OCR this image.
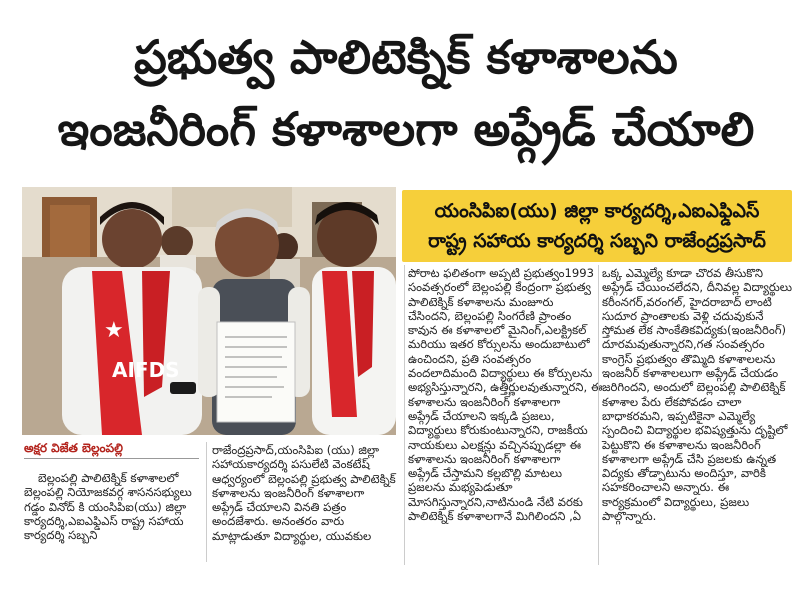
ప్రభుత్వ పాలిటెక్నిక్ కళాశాలను
ఇంజనీరింగ్ కళాశాలగా అప్గ్రేడ్ చేయాలి
★
AIFDS
యంసిపిఐ(యు) జిల్లా కార్యదర్శి,ఎఐఎఫ్డిఎస్
రాష్ట్ర సహాయ కార్యదర్శి సబ్బని రాజేంద్రప్రసాద్
అక్షర విజేత బెల్లంపల్లి
బెల్లంపల్లి పాలిటెక్నిక్ కళాశాలలో
బెల్లంపల్లి నియోజకవర్గ శాసనసభ్యులు
గడ్డం వినోద్ కి యంసిపిఐ(యు) జిల్లా
కార్యదర్శి,ఎఐఎఫ్డిఎస్ రాష్ట్ర సహాయ
కార్యదర్శి సబ్బని
రాజేంద్రప్రసాద్,యంసిపిఐ (యు) జిల్లా
సహాయకార్యదర్శి పసులేటి వెంకటేష్
ఆధ్వర్యంలో బెల్లంపల్లి ప్రభుత్వ పాలిటెక్నిక్
కళాశాలను ఇంజనీరింగ్ కళాశాలగా
అప్గ్రేడ్ చేయాలని వినతి పత్రం
అందజేశారు. అనంతరం వారు
మాట్లాడుతూ విద్యార్థుల, యువకుల
పోరాట ఫలితంగా అప్పటి ప్రభుత్వం1993
సంవత్సరంలో బెల్లంపల్లి కేంద్రంగా ప్రభుత్వ
పాలిటెక్నిక్ కళాశాలను మంజూరు
చేసిందని, బెల్లంపల్లి సింగరేణి ప్రాంతం
కావున ఈ కళాశాలలో మైనింగ్,ఎలక్ట్రికల్
మరియు ఇతర కోర్సులను అందుబాటులో
ఉంచిందని, ప్రతి సంవత్సరం
వందలాదిమంది విద్యార్థులు ఈ కోర్సులను
అభ్యసిస్తున్నారని, ఉత్తీర్ణులవుతున్నారని, ఈ
కళాశాలను ఇంజనీరింగ్ కళాశాలగా
అప్గ్రేడ్ చేయాలని ఇక్కడి ప్రజలు,
విద్యార్థులు కోరుకుంటున్నారని, రాజకీయ
నాయకులు ఎలక్షన్లు వచ్చినప్పుడల్లా ఈ
కళాశాలను ఇంజనీరింగ్ కళాశాలగా
అప్గ్రేడ్ చేస్తామని కల్లబొల్లి మాటలు
ప్రజలను మభ్యపెడుతూ
మోసగిస్తున్నారని,నాటినుండి నేటి వరకు
పాలిటెక్నిక్ కళాశాలగానే మిగిలిందని ,ఏ
ఒక్క ఎమ్మెల్యే కూడా చొరవ తీసుకొని
అప్గ్రేడ్ చేయించలేదని, దీనివల్ల విద్యార్థులు
కరీంనగర్,వరంగల్, హైదరాబాద్ లాంటి
సుదూర ప్రాంతాలకు వెళ్లి చదువుకునే
స్తోమత లేక సాంకేతికవిద్యకు(ఇంజనీరింగ్)
దూరమవుతున్నారని,గత సంవత్సరం
కాంగ్రెస్ ప్రభుత్వం తొమ్మిది కళాశాలలను
ఇంజనీర్ కళాశాలలుగా అప్గ్రేడ్ చేయడం
జరిగిందని, అందులో బెల్లంపల్లి పాలిటెక్నిక్
కళాశాల పేరు లేకపోవడం చాలా
బాధాకరమని, ఇప్పటికైనా ఎమ్మెల్యే
స్పందించి విద్యార్థుల భవిష్యత్తును దృష్టిలో
పెట్టుకొని ఈ కళాశాలను ఇంజనీరింగ్
కళాశాలగా అప్గ్రేడ్ చేసి ప్రజలకు ఉన్నత
విద్యకు తోడ్పాటును అందిస్తూ, వారికి
సహకరించాలని అన్నారు. ఈ
కార్యక్రమంలో విద్యార్థులు, ప్రజలు
పాల్గొన్నారు.
